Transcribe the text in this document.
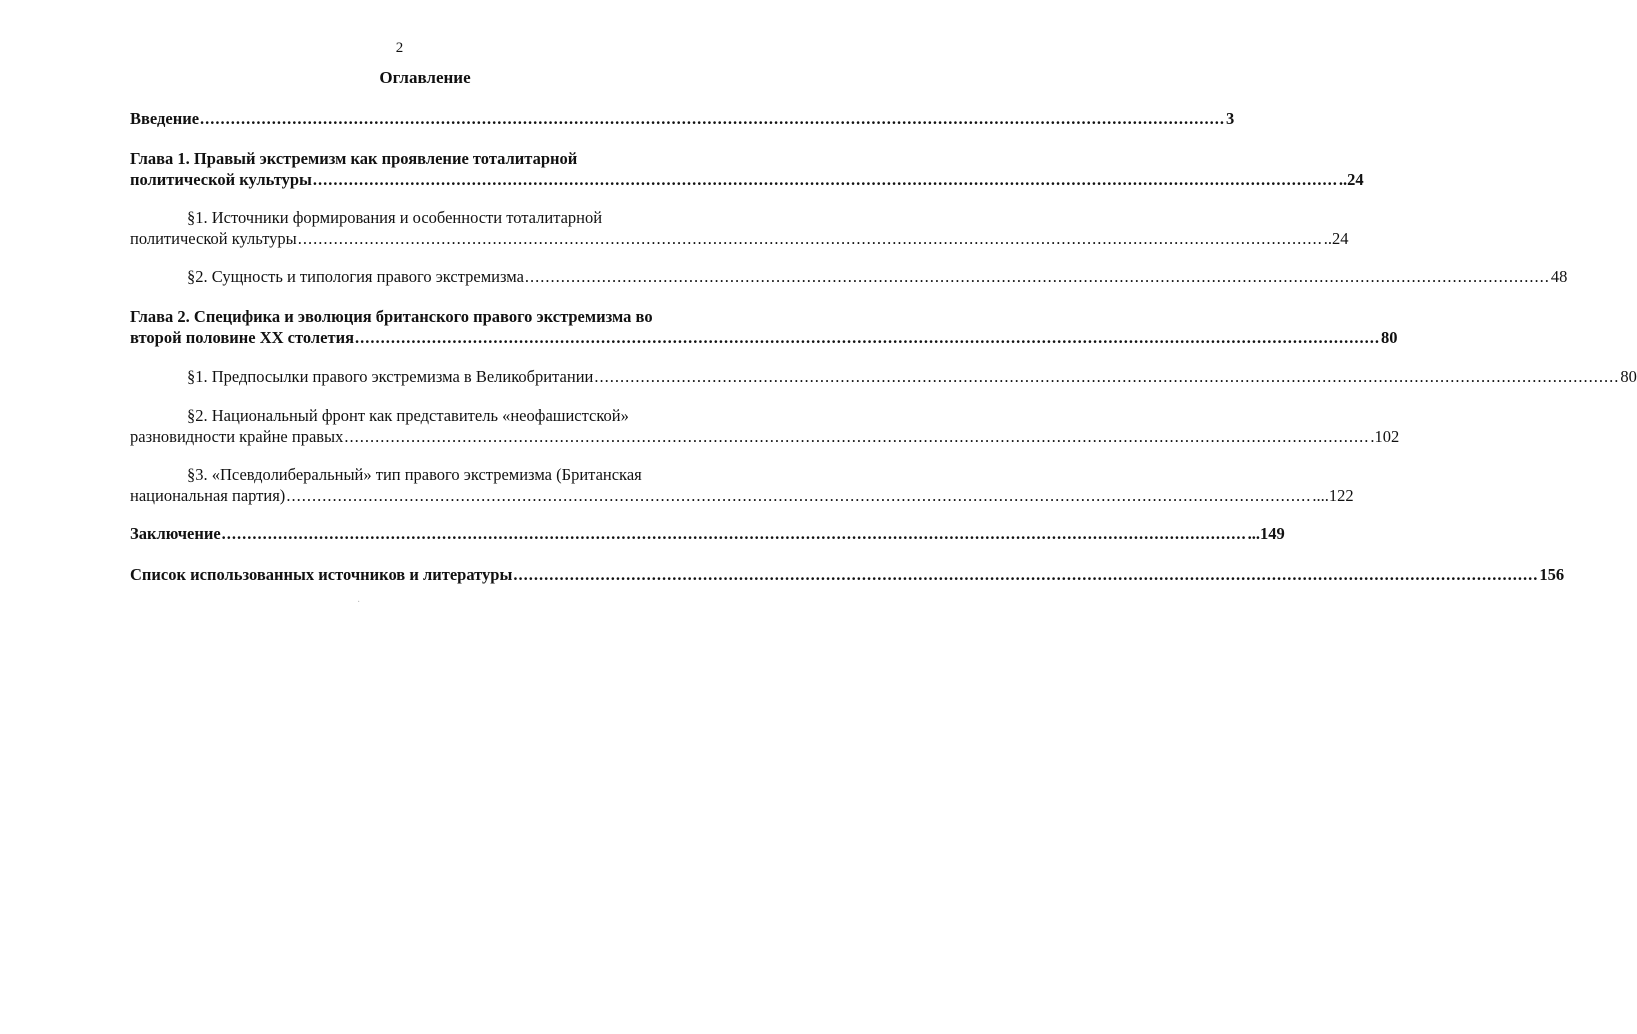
2
Оглавление
Введение ........................................................................................................................................................................................................ 3
Глава 1. Правый экстремизм как проявление тоталитарной
политической культуры ........................................................................................................................................................................................................ ..24
§1. Источники формирования и особенности тоталитарной
политической культуры ........................................................................................................................................................................................................ ..24
§2. Сущность и типология правого экстремизма ........................................................................................................................................................................................................ 48
Глава 2. Специфика и эволюция британского правого экстремизма во
второй половине XX столетия ........................................................................................................................................................................................................ 80
§1. Предпосылки правого экстремизма в Великобритании ........................................................................................................................................................................................................ 80
§2. Национальный фронт как представитель «неофашистской»
разновидности крайне правых ........................................................................................................................................................................................................ .102
§3. «Псевдолиберальный» тип правого экстремизма (Британская
национальная партия) ........................................................................................................................................................................................................ ....122
Заключение ........................................................................................................................................................................................................ ...149
Список использованных источников и литературы ........................................................................................................................................................................................................ 156
·
